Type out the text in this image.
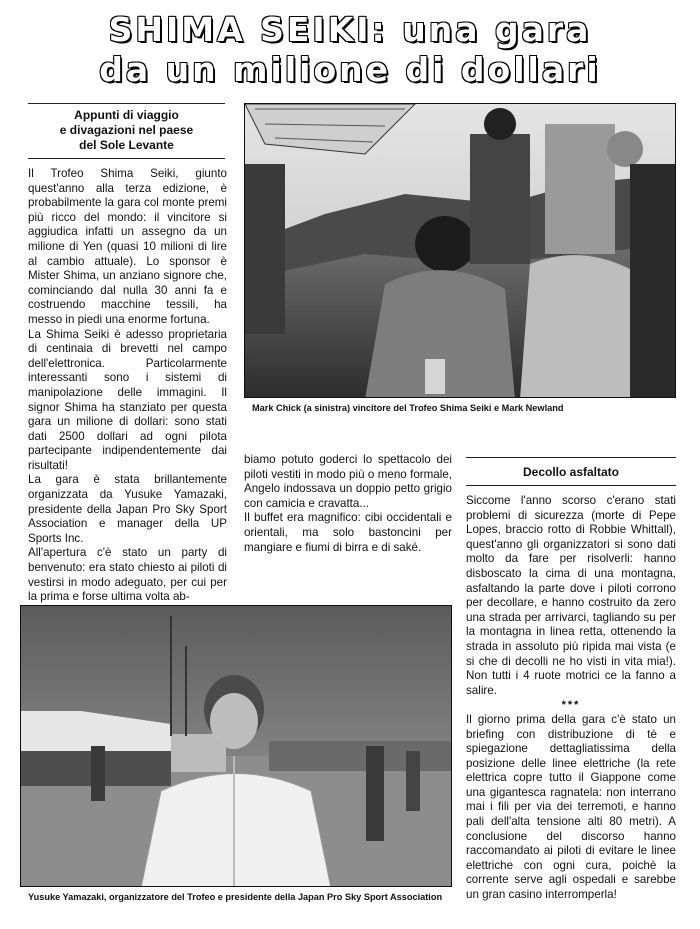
SHIMA SEIKI: una gara
da un milione di dollari
Appunti di viaggio
e divagazioni nel paese
del Sole Levante

Il Trofeo Shima Seiki, giunto quest'anno alla terza edizione, è probabilmente la gara col monte premi più ricco del mondo: il vincitore si aggiudica infatti un assegno da un milione di Yen (quasi 10 milioni di lire al cambio attuale). Lo sponsor è Mister Shima, un anziano signore che, cominciando dal nulla 30 anni fa e costruendo macchine tessili, ha messo in piedi una enorme fortuna.

La Shima Seiki è adesso proprietaria di centinaia di brevetti nel campo dell'elettronica. Particolarmente interessanti sono i sistemi di manipolazione delle immagini. Il signor Shima ha stanziato per questa gara un milione di dollari: sono stati dati 2500 dollari ad ogni pilota partecipante indipendentemente dai risultati!

La gara è stata brillantemente organizzata da Yusuke Yamazaki, presidente della Japan Pro Sky Sport Association e manager della UP Sports Inc.

All'apertura c'è stato un party di benvenuto: era stato chiesto ai piloti di vestirsi in modo adeguato, per cui per la prima e forse ultima volta ab-

Mark Chick (a sinistra) vincitore del Trofeo Shima Seiki e Mark Newland

biamo potuto goderci lo spettacolo dei piloti vestiti in modo più o meno formale, Angelo indossava un doppio petto grigio con camicia e cravatta...

Il buffet era magnifico: cibi occidentali e orientali, ma solo bastoncini per mangiare e fiumi di birra e di saké.

Decollo asfaltato

Siccome l'anno scorso c'erano stati problemi di sicurezza (morte di Pepe Lopes, braccio rotto di Robbie Whittall), quest'anno gli organizzatori si sono dati molto da fare per risolverli: hanno disboscato la cima di una montagna, asfaltando la parte dove i piloti corrono per decollare, e hanno costruito da zero una strada per arrivarci, tagliando su per la montagna in linea retta, ottenendo la strada in assoluto più ripida mai vista (e si che di decolli ne ho visti in vita mia!). Non tutti i 4 ruote motrici ce la fanno a salire.

***

Il giorno prima della gara c'è stato un briefing con distribuzione di tè e spiegazione dettagliatissima della posizione delle linee elettriche (la rete elettrica copre tutto il Giappone come una gigantesca ragnatela: non interrano mai i fili per via dei terremoti, e hanno pali dell'alta tensione alti 80 metri). A conclusione del discorso hanno raccomandato ai piloti di evitare le linee elettriche con ogni cura, poichè la corrente serve agli ospedali e sarebbe un gran casino interromperla!

Yusuke Yamazaki, organizzatore del Trofeo e presidente della Japan Pro Sky Sport Association
